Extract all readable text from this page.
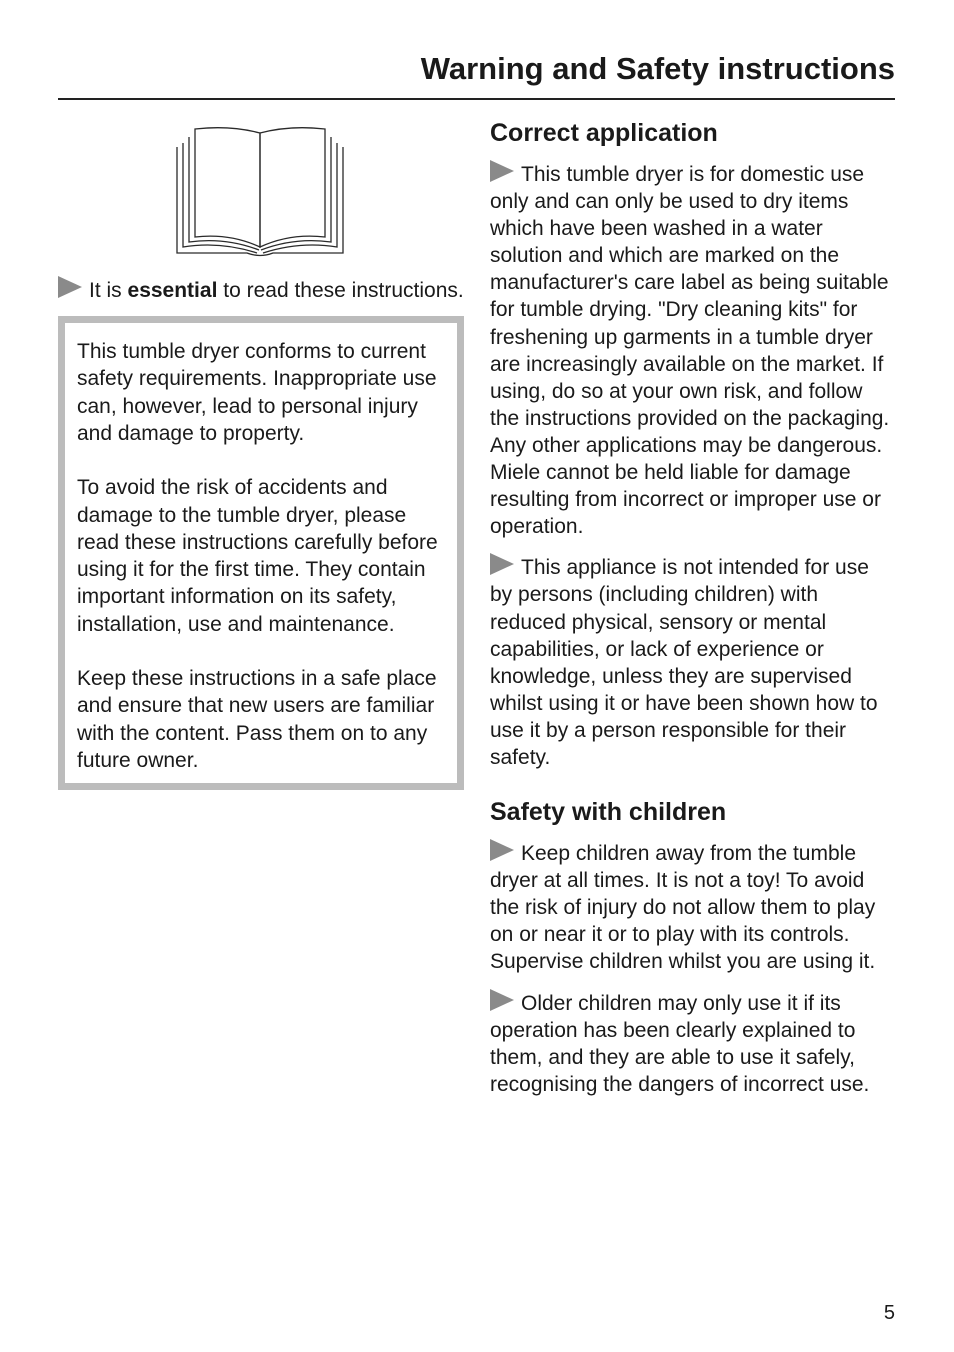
Warning and Safety instructions

It is essential to read these instructions.

This tumble dryer conforms to current safety requirements. Inappropriate use can, however, lead to personal injury and damage to property.

To avoid the risk of accidents and damage to the tumble dryer, please read these instructions carefully before using it for the first time. They contain important information on its safety, installation, use and maintenance.

Keep these instructions in a safe place and ensure that new users are familiar with the content. Pass them on to any future owner.

Correct application

This tumble dryer is for domestic use only and can only be used to dry items which have been washed in a water solution and which are marked on the manufacturer's care label as being suitable for tumble drying. "Dry cleaning kits" for freshening up garments in a tumble dryer are increasingly available on the market. If using, do so at your own risk, and follow the instructions provided on the packaging.
Any other applications may be dangerous. Miele cannot be held liable for damage resulting from incorrect or improper use or operation.

This appliance is not intended for use by persons (including children) with reduced physical, sensory or mental capabilities, or lack of experience or knowledge, unless they are supervised whilst using it or have been shown how to use it by a person responsible for their safety.

Safety with children

Keep children away from the tumble dryer at all times. It is not a toy! To avoid the risk of injury do not allow them to play on or near it or to play with its controls. Supervise children whilst you are using it.

Older children may only use it if its operation has been clearly explained to them, and they are able to use it safely, recognising the dangers of incorrect use.

5
